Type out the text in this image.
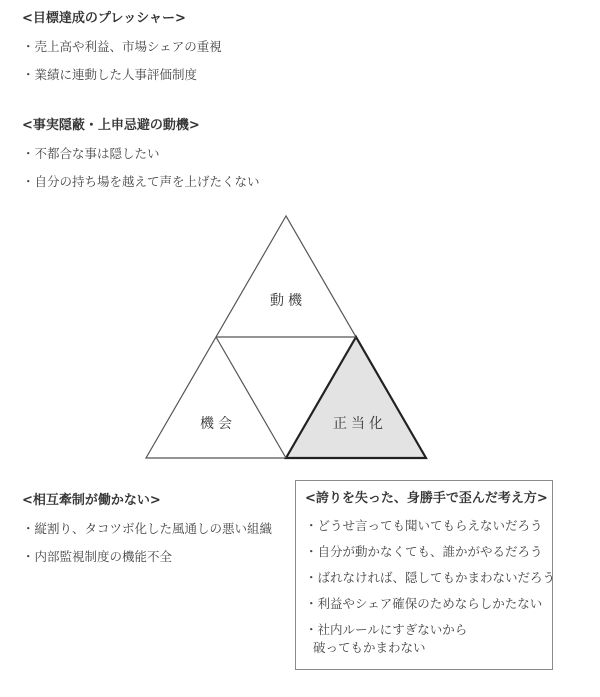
<目標達成のプレッシャー>
・売上高や利益、市場シェアの重視
・業績に連動した人事評価制度
<事実隠蔽・上申忌避の動機>
・不都合な事は隠したい
・自分の持ち場を越えて声を上げたくない
動機
機会	正当化
<相互牽制が働かない>
・縦割り、タコツボ化した風通しの悪い組織
・内部監視制度の機能不全
<誇りを失った、身勝手で歪んだ考え方>
・どうせ言っても聞いてもらえないだろう
・自分が動かなくても、誰かがやるだろう
・ばれなければ、隠してもかまわないだろう
・利益やシェア確保のためならしかたない
・社内ルールにすぎないから
破ってもかまわない
